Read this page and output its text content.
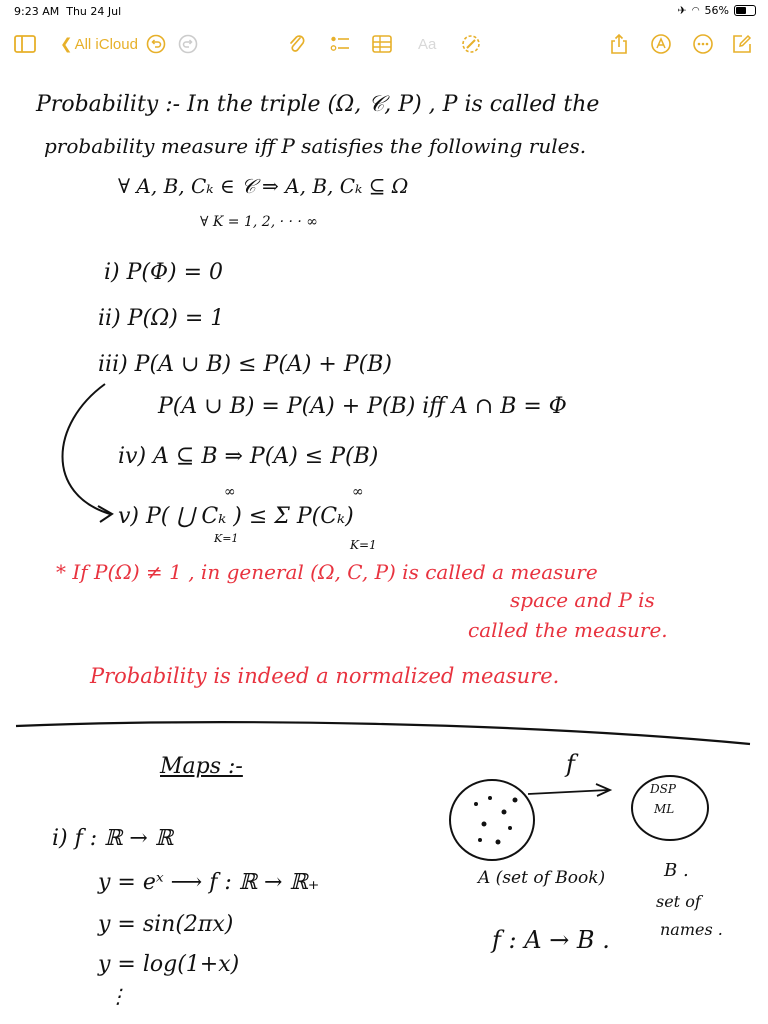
9:23 AM Thu 24 Jul	✈ ◠ 56%
❮ All iCloud	Aa
Probability :- In the triple (Ω, 𝒞, P) , P is called the
probability measure iff P satisfies the following rules.
∀ A, B, Cₖ ∈ 𝒞 ⇒ A, B, Cₖ ⊆ Ω
∀ K = 1, 2, · · · ∞
i) P(Φ) = 0
ii) P(Ω) = 1
iii) P(A ∪ B) ≤ P(A) + P(B)
P(A ∪ B) = P(A) + P(B) iff A ∩ B = Φ
iv) A ⊆ B ⇒ P(A) ≤ P(B)
∞	∞
v) P( ⋃ Cₖ ) ≤ Σ P(Cₖ)
K=1	K=1
* If P(Ω) ≠ 1 , in general (Ω, C, P) is called a measure
space and P is
called the measure.
Probability is indeed a normalized measure.
Maps :-
i) f : ℝ → ℝ
y = eˣ ⟶ f : ℝ → ℝ₊
y = sin(2πx)
y = log(1+x)
⋮
f
DSP
ML
A (set of Book)	B .
set of
names .
f : A → B .
